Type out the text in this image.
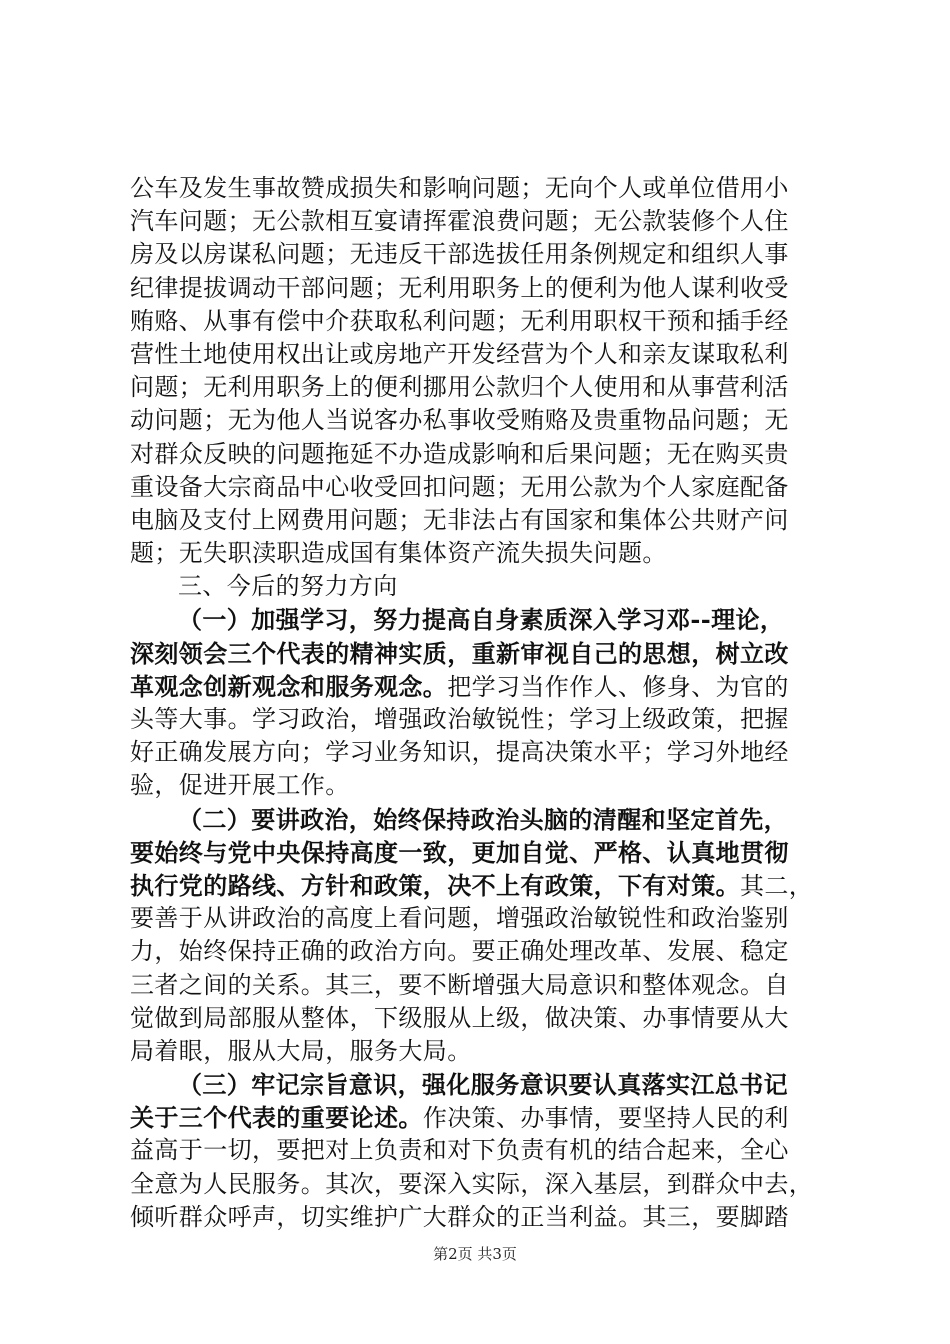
公车及发生事故赞成损失和影响问题；无向个人或单位借用小
汽车问题；无公款相互宴请挥霍浪费问题；无公款装修个人住
房及以房谋私问题；无违反干部选拔任用条例规定和组织人事
纪律提拔调动干部问题；无利用职务上的便利为他人谋利收受
贿赂、从事有偿中介获取私利问题；无利用职权干预和插手经
营性土地使用权出让或房地产开发经营为个人和亲友谋取私利
问题；无利用职务上的便利挪用公款归个人使用和从事营利活
动问题；无为他人当说客办私事收受贿赂及贵重物品问题；无
对群众反映的问题拖延不办造成影响和后果问题；无在购买贵
重设备大宗商品中心收受回扣问题；无用公款为个人家庭配备
电脑及支付上网费用问题；无非法占有国家和集体公共财产问
题；无失职渎职造成国有集体资产流失损失问题。
三、今后的努力方向
（一）加强学习，努力提高自身素质深入学习邓--理论，
深刻领会三个代表的精神实质，重新审视自己的思想，树立改
革观念创新观念和服务观念。把学习当作作人、修身、为官的
头等大事。学习政治，增强政治敏锐性；学习上级政策，把握
好正确发展方向；学习业务知识，提高决策水平；学习外地经
验，促进开展工作。
（二）要讲政治，始终保持政治头脑的清醒和坚定首先，
要始终与党中央保持高度一致，更加自觉、严格、认真地贯彻
执行党的路线、方针和政策，决不上有政策，下有对策。其二，
要善于从讲政治的高度上看问题，增强政治敏锐性和政治鉴别
力，始终保持正确的政治方向。要正确处理改革、发展、稳定
三者之间的关系。其三，要不断增强大局意识和整体观念。自
觉做到局部服从整体，下级服从上级，做决策、办事情要从大
局着眼，服从大局，服务大局。
（三）牢记宗旨意识，强化服务意识要认真落实江总书记
关于三个代表的重要论述。作决策、办事情，要坚持人民的利
益高于一切，要把对上负责和对下负责有机的结合起来，全心
全意为人民服务。其次，要深入实际，深入基层，到群众中去，
倾听群众呼声，切实维护广大群众的正当利益。其三，要脚踏
第2页 共3页
